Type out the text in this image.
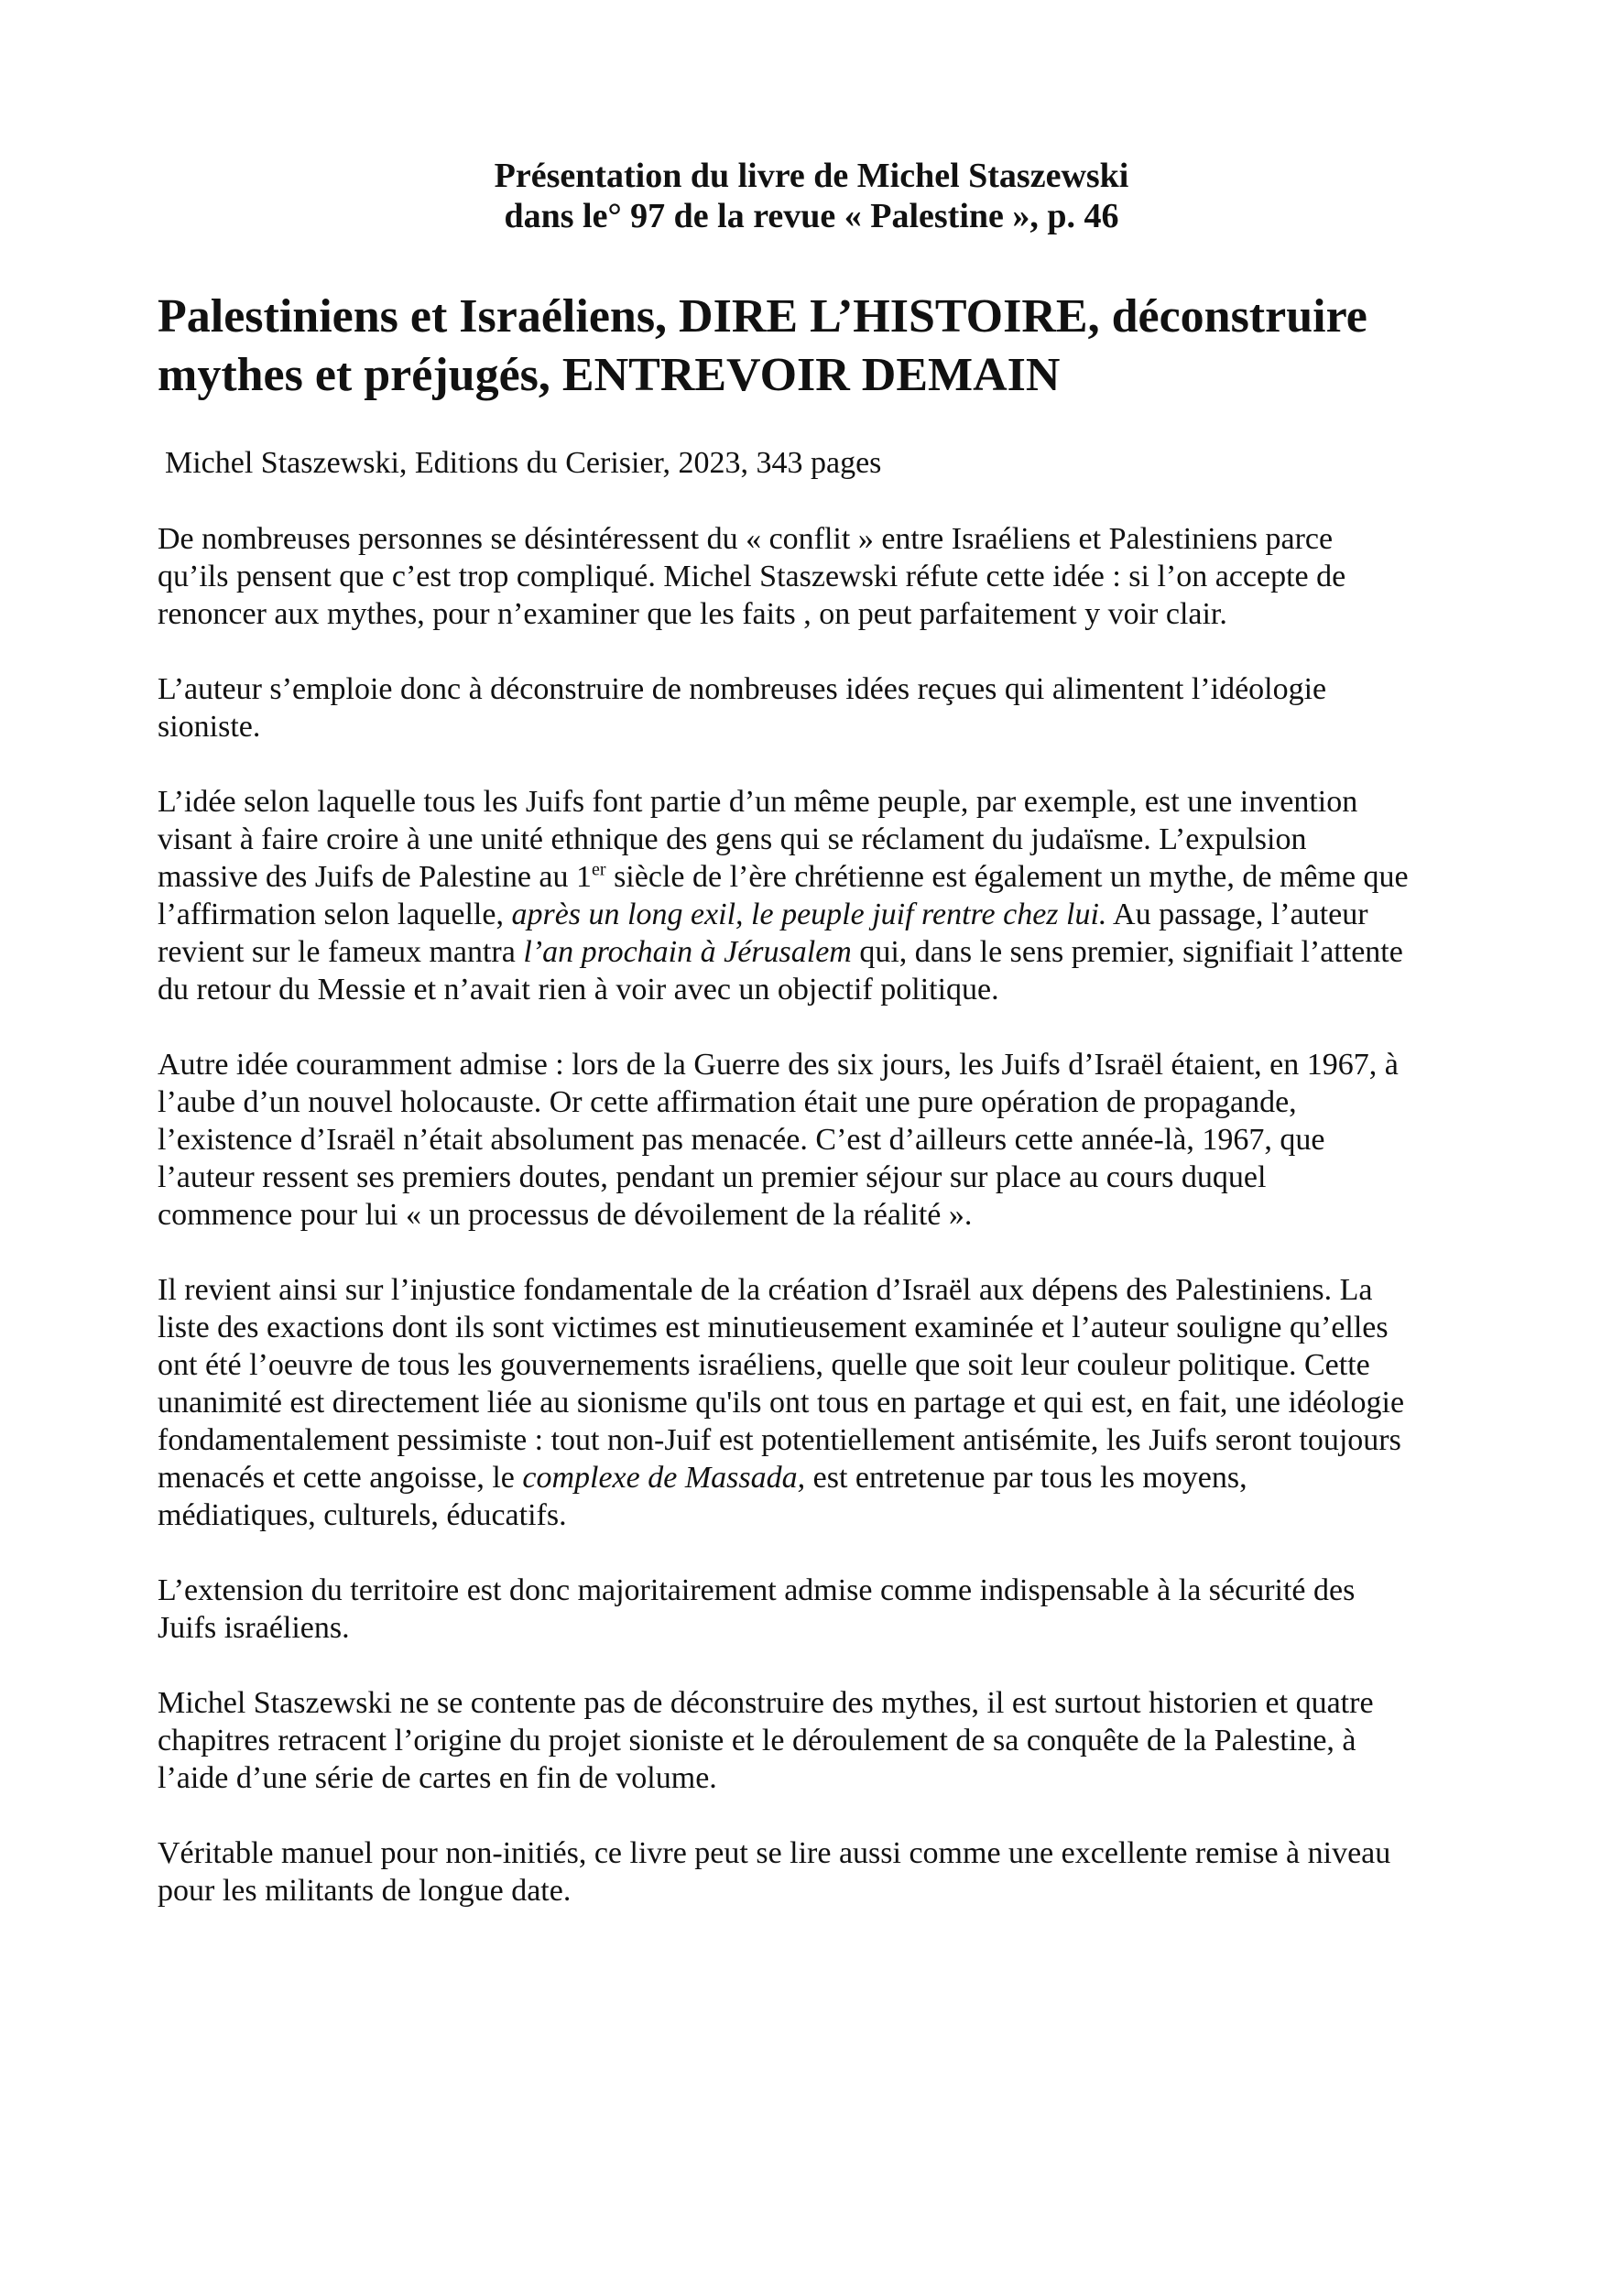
Présentation du livre de Michel Staszewski
dans le° 97 de la revue « Palestine », p. 46
Palestiniens et Israéliens, DIRE L’HISTOIRE, déconstruire
mythes et préjugés, ENTREVOIR DEMAIN
Michel Staszewski, Editions du Cerisier, 2023, 343 pages

De nombreuses personnes se désintéressent du « conflit » entre Israéliens et Palestiniens parce
qu’ils pensent que c’est trop compliqué. Michel Staszewski réfute cette idée : si l’on accepte de
renoncer aux mythes, pour n’examiner que les faits , on peut parfaitement y voir clair.

L’auteur s’emploie donc à déconstruire de nombreuses idées reçues qui alimentent l’idéologie
sioniste.

L’idée selon laquelle tous les Juifs font partie d’un même peuple, par exemple, est une invention
visant à faire croire à une unité ethnique des gens qui se réclament du judaïsme. L’expulsion
massive des Juifs de Palestine au 1er siècle de l’ère chrétienne est également un mythe, de même que
l’affirmation selon laquelle, après un long exil, le peuple juif rentre chez lui. Au passage, l’auteur
revient sur le fameux mantra l’an prochain à Jérusalem qui, dans le sens premier, signifiait l’attente
du retour du Messie et n’avait rien à voir avec un objectif politique.

Autre idée couramment admise : lors de la Guerre des six jours, les Juifs d’Israël étaient, en 1967, à
l’aube d’un nouvel holocauste. Or cette affirmation était une pure opération de propagande,
l’existence d’Israël n’était absolument pas menacée. C’est d’ailleurs cette année-là, 1967, que
l’auteur ressent ses premiers doutes, pendant un premier séjour sur place au cours duquel
commence pour lui « un processus de dévoilement de la réalité ».

Il revient ainsi sur l’injustice fondamentale de la création d’Israël aux dépens des Palestiniens. La
liste des exactions dont ils sont victimes est minutieusement examinée et l’auteur souligne qu’elles
ont été l’oeuvre de tous les gouvernements israéliens, quelle que soit leur couleur politique. Cette
unanimité est directement liée au sionisme qu'ils ont tous en partage et qui est, en fait, une idéologie
fondamentalement pessimiste : tout non-Juif est potentiellement antisémite, les Juifs seront toujours
menacés et cette angoisse, le complexe de Massada, est entretenue par tous les moyens,
médiatiques, culturels, éducatifs.

L’extension du territoire est donc majoritairement admise comme indispensable à la sécurité des
Juifs israéliens.

Michel Staszewski ne se contente pas de déconstruire des mythes, il est surtout historien et quatre
chapitres retracent l’origine du projet sioniste et le déroulement de sa conquête de la Palestine, à
l’aide d’une série de cartes en fin de volume.

Véritable manuel pour non-initiés, ce livre peut se lire aussi comme une excellente remise à niveau
pour les militants de longue date.
